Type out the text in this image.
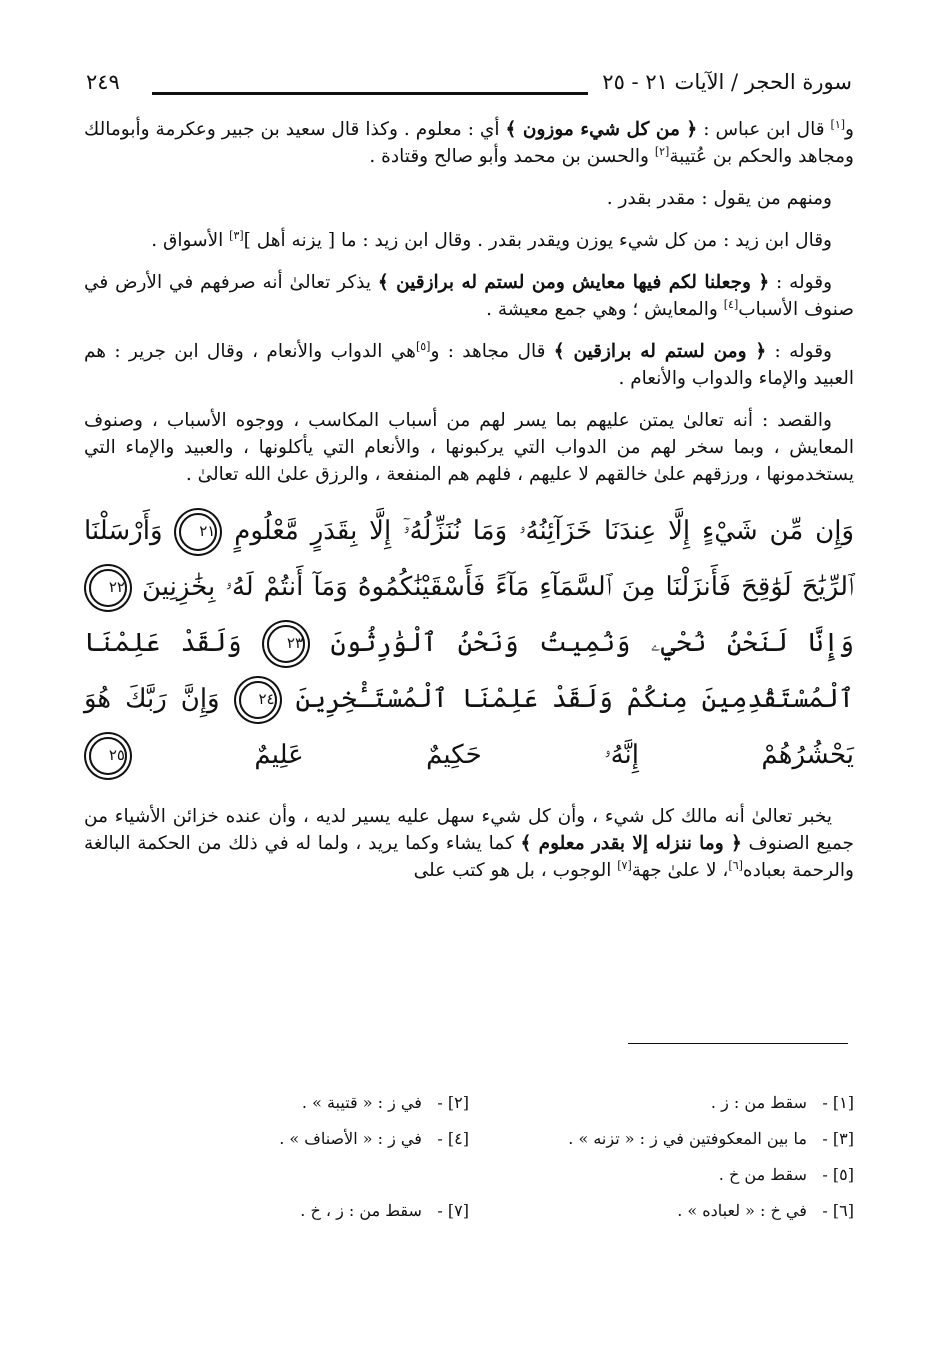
سورة الحجر / الآيات ٢١ - ٢٥
٢٤٩

و[١] قال ابن عباس : ﴿ من كل شيء موزون ﴾ أي : معلوم . وكذا قال سعيد بن جبير وعكرمة وأبومالك ومجاهد والحكم بن عُتيبة[٢] والحسن بن محمد وأبو صالح وقتادة .

ومنهم من يقول : مقدر بقدر .

وقال ابن زيد : من كل شيء يوزن ويقدر بقدر . وقال ابن زيد : ما [ يزنه أهل ][٣] الأسواق .

وقوله : ﴿ وجعلنا لكم فيها معايش ومن لستم له برازقين ﴾ يذكر تعالىٰ أنه صرفهم في الأرض في صنوف الأسباب[٤] والمعايش ؛ وهي جمع معيشة .

وقوله : ﴿ ومن لستم له برازقين ﴾ قال مجاهد : و[٥]هي الدواب والأنعام ، وقال ابن جرير : هم العبيد والإماء والدواب والأنعام .

والقصد : أنه تعالىٰ يمتن عليهم بما يسر لهم من أسباب المكاسب ، ووجوه الأسباب ، وصنوف المعايش ، وبما سخر لهم من الدواب التي يركبونها ، والأنعام التي يأكلونها ، والعبيد والإماء التي يستخدمونها ، ورزقهم علىٰ خالقهم لا عليهم ، فلهم هم المنفعة ، والرزق علىٰ الله تعالىٰ .

وَإِن مِّن شَيْءٍ إِلَّا عِندَنَا خَزَآئِنُهُۥ وَمَا نُنَزِّلُهُۥٓ إِلَّا بِقَدَرٍ مَّعْلُومٍ ٢١ وَأَرْسَلْنَا ٱلرِّيَٰحَ لَوَٰقِحَ فَأَنزَلْنَا مِنَ ٱلسَّمَآءِ مَآءً فَأَسْقَيْنَٰكُمُوهُ وَمَآ أَنتُمْ لَهُۥ بِخَٰزِنِينَ ٢٢ وَإِنَّا لَنَحْنُ نُحْيِۦ وَنُمِيتُ وَنَحْنُ ٱلْوَٰرِثُونَ ٢٣ وَلَقَدْ عَلِمْنَا ٱلْمُسْتَقْدِمِينَ مِنكُمْ وَلَقَدْ عَلِمْنَا ٱلْمُسْتَـْٔخِرِينَ ٢٤ وَإِنَّ رَبَّكَ هُوَ يَحْشُرُهُمْ إِنَّهُۥ حَكِيمٌ عَلِيمٌ ٢٥

يخبر تعالىٰ أنه مالك كل شيء ، وأن كل شيء سهل عليه يسير لديه ، وأن عنده خزائن الأشياء من جميع الصنوف ﴿ وما ننزله إلا بقدر معلوم ﴾ كما يشاء وكما يريد ، ولما له في ذلك من الحكمة البالغة والرحمة بعباده[٦]، لا علىٰ جهة[٧] الوجوب ، بل هو كتب على

[١] - سقط من : ز .
[٢] - في ز : « قتيبة » .
[٣] - ما بين المعكوفتين في ز : « تزنه » .
[٤] - في ز : « الأصناف » .
[٥] - سقط من خ .
[٦] - في خ : « لعباده » .
[٧] - سقط من : ز ، خ .
